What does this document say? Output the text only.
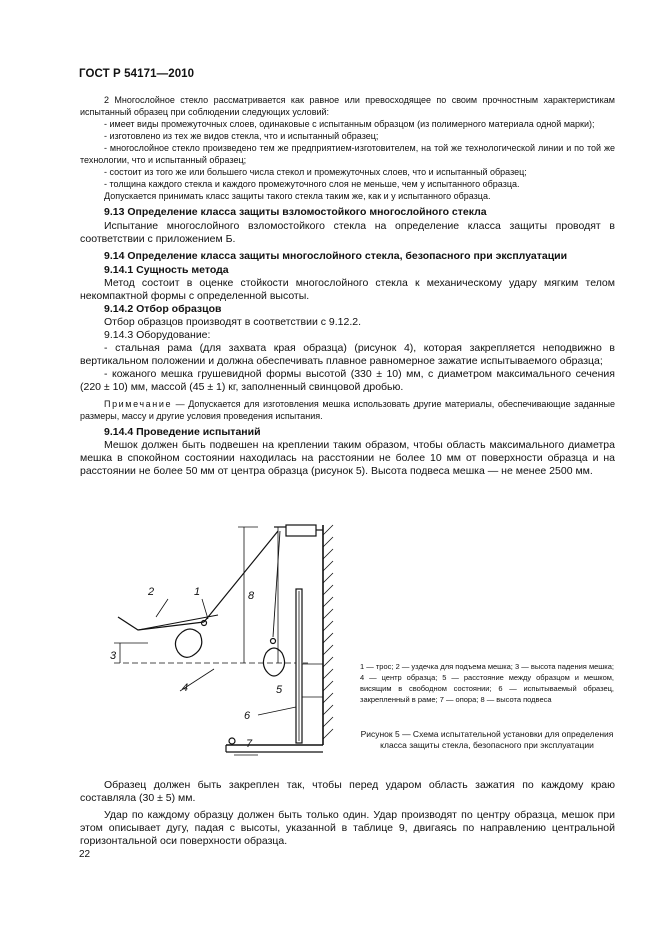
ГОСТ Р 54171—2010

2 Многослойное стекло рассматривается как равное или превосходящее по своим прочностным характеристикам испытанный образец при соблюдении следующих условий:

- имеет виды промежуточных слоев, одинаковые с испытанным образцом (из полимерного материала одной марки);

- изготовлено из тех же видов стекла, что и испытанный образец;

- многослойное стекло произведено тем же предприятием-изготовителем, на той же технологической линии и по той же технологии, что и испытанный образец;

- состоит из того же или большего числа стекол и промежуточных слоев, что и испытанный образец;

- толщина каждого стекла и каждого промежуточного слоя не меньше, чем у испытанного образца.

Допускается принимать класс защиты такого стекла таким же, как и у испытанного образца.

9.13 Определение класса защиты взломостойкого многослойного стекла

Испытание многослойного взломостойкого стекла на определение класса защиты проводят в соответствии с приложением Б.

9.14 Определение класса защиты многослойного стекла, безопасного при эксплуатации

9.14.1 Сущность метода

Метод состоит в оценке стойкости многослойного стекла к механическому удару мягким телом некомпактной формы с определенной высоты.

9.14.2 Отбор образцов

Отбор образцов производят в соответствии с 9.12.2.

9.14.3 Оборудование:

- стальная рама (для захвата края образца) (рисунок 4), которая закрепляется неподвижно в вертикальном положении и должна обеспечивать плавное равномерное зажатие испытываемого образца;

- кожаного мешка грушевидной формы высотой (330 ± 10) мм, с диаметром максимального сечения (220 ± 10) мм, массой (45 ± 1) кг, заполненный свинцовой дробью.

Примечание — Допускается для изготовления мешка использовать другие материалы, обеспечивающие заданные размеры, массу и другие условия проведения испытания.

9.14.4 Проведение испытаний

Мешок должен быть подвешен на креплении таким образом, чтобы область максимального диаметра мешка в спокойном состоянии находилась на расстоянии не более 10 мм от поверхности образца и на расстоянии не более 50 мм от центра образца (рисунок 5). Высота подвеса мешка — не менее 2500 мм.

1
2
3
4	5
6
7
8

1 — трос; 2 — уздечка для подъема мешка; 3 — высота падения мешка; 4 — центр образца; 5 — расстояние между образцом и мешком, висящим в свободном состоянии; 6 — испытываемый образец, закрепленный в раме; 7 — опора; 8 — высота подвеса

Рисунок 5 — Схема испытательной установки для определения класса защиты стекла, безопасного при эксплуатации

Образец должен быть закреплен так, чтобы перед ударом область зажатия по каждому краю составляла (30 ± 5) мм.

Удар по каждому образцу должен быть только один. Удар производят по центру образца, мешок при этом описывает дугу, падая с высоты, указанной в таблице 9, двигаясь по направлению центральной горизонтальной оси поверхности образца.

22
